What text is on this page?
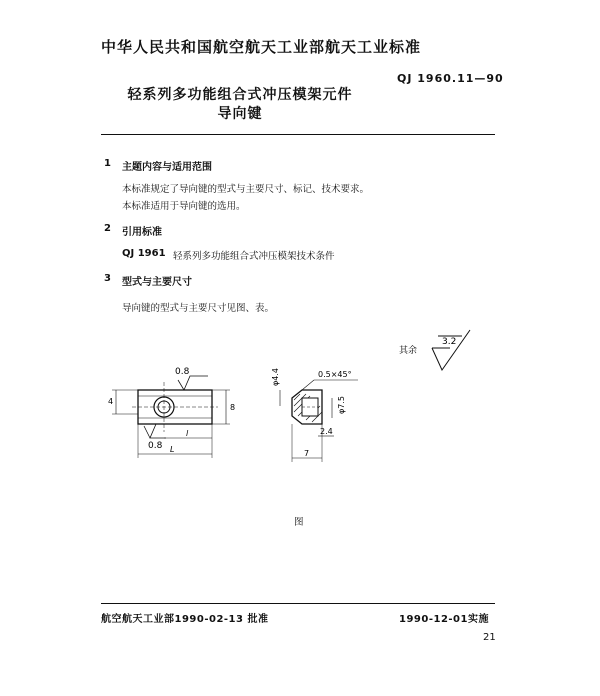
中华人民共和国航空航天工业部航天工业标准
QJ 1960.11—90
轻系列多功能组合式冲压模架元件
导向键
1 主题内容与适用范围
本标准规定了导向键的型式与主要尺寸、标记、技术要求。
本标准适用于导向键的选用。
2 引用标准
QJ 1961 轻系列多功能组合式冲压模架技术条件
3 型式与主要尺寸
导向键的型式与主要尺寸见图、表。
其余
3.2
0.8
0.8
4
8
l
L
φ4.4	0.5×45°
φ7.5
2.4
7
图
航空航天工业部1990-02-13 批准	1990-12-01实施
21
